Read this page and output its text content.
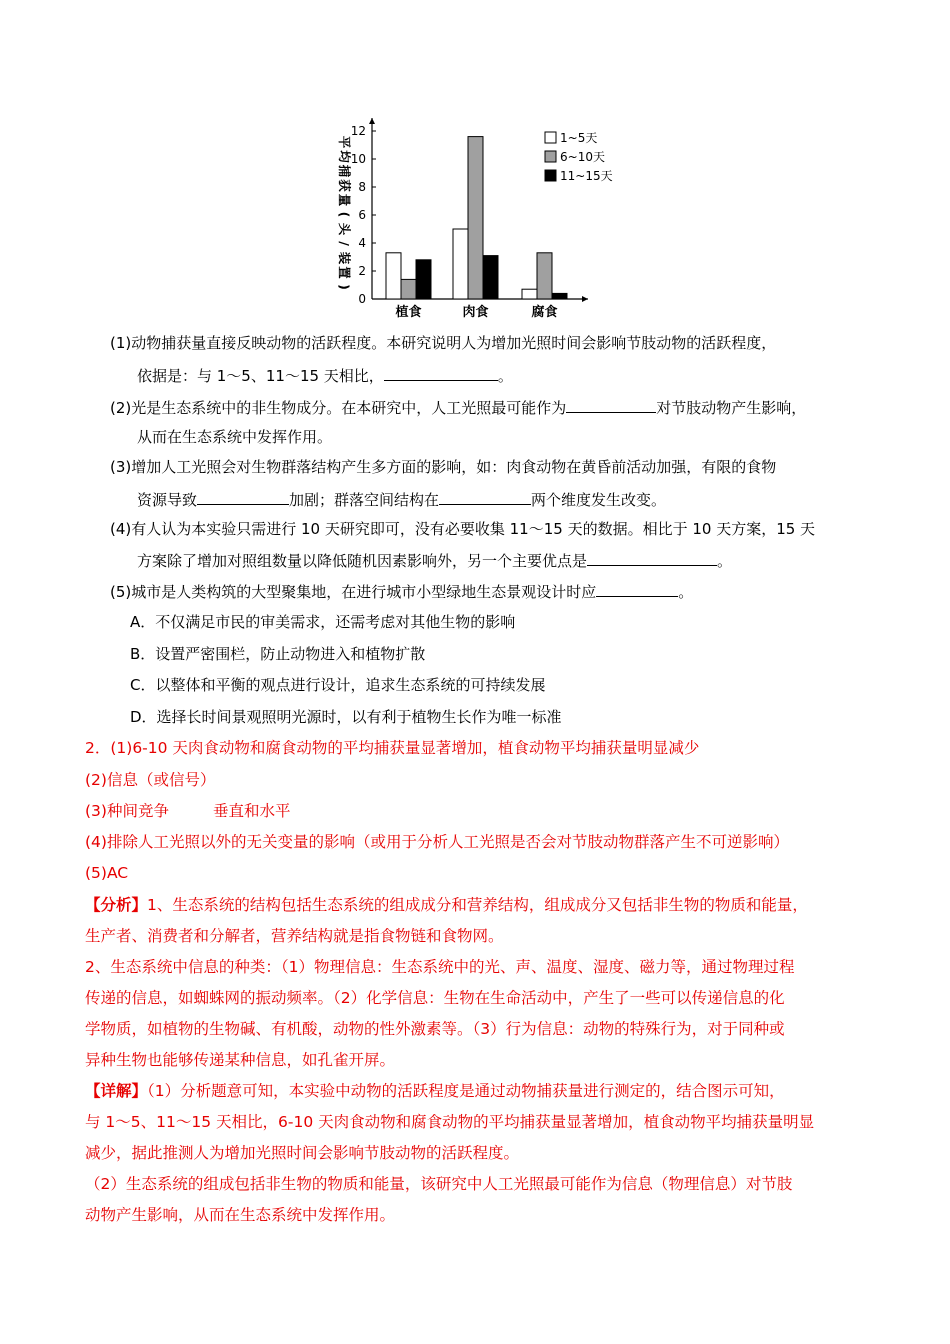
0
2
4
6
8
10
12
植食	肉食	腐食
1~5天
6~10天
11~15天
平
均
捕
获
量
(
头
/
装
置
)
(1)动物捕获量直接反映动物的活跃程度。本研究说明人为增加光照时间会影响节肢动物的活跃程度，
依据是：与 1～5、11～15 天相比，	。
(2)光是生态系统中的非生物成分。在本研究中，人工光照最可能作为	对节肢动物产生影响，
从而在生态系统中发挥作用。
(3)增加人工光照会对生物群落结构产生多方面的影响，如：肉食动物在黄昏前活动加强，有限的食物
资源导致	加剧；群落空间结构在	两个维度发生改变。
(4)有人认为本实验只需进行 10 天研究即可，没有必要收集 11～15 天的数据。相比于 10 天方案，15 天
方案除了增加对照组数量以降低随机因素影响外，另一个主要优点是	。
(5)城市是人类构筑的大型聚集地，在进行城市小型绿地生态景观设计时应	。
A．不仅满足市民的审美需求，还需考虑对其他生物的影响
B．设置严密围栏，防止动物进入和植物扩散
C．以整体和平衡的观点进行设计，追求生态系统的可持续发展
D．选择长时间景观照明光源时，以有利于植物生长作为唯一标准
2．(1)6-10 天肉食动物和腐食动物的平均捕获量显著增加，植食动物平均捕获量明显减少
(2)信息（或信号）
(3)种间竞争	垂直和水平
(4)排除人工光照以外的无关变量的影响（或用于分析人工光照是否会对节肢动物群落产生不可逆影响）
(5)AC
【分析】1、生态系统的结构包括生态系统的组成成分和营养结构，组成成分又包括非生物的物质和能量，
生产者、消费者和分解者，营养结构就是指食物链和食物网。
2、生态系统中信息的种类：（1）物理信息：生态系统中的光、声、温度、湿度、磁力等，通过物理过程
传递的信息，如蜘蛛网的振动频率。（2）化学信息：生物在生命活动中，产生了一些可以传递信息的化
学物质，如植物的生物碱、有机酸，动物的性外激素等。（3）行为信息：动物的特殊行为，对于同种或
异种生物也能够传递某种信息，如孔雀开屏。
【详解】（1）分析题意可知，本实验中动物的活跃程度是通过动物捕获量进行测定的，结合图示可知，
与 1～5、11～15 天相比，6-10 天肉食动物和腐食动物的平均捕获量显著增加，植食动物平均捕获量明显
减少，据此推测人为增加光照时间会影响节肢动物的活跃程度。
（2）生态系统的组成包括非生物的物质和能量，该研究中人工光照最可能作为信息（物理信息）对节肢
动物产生影响，从而在生态系统中发挥作用。
